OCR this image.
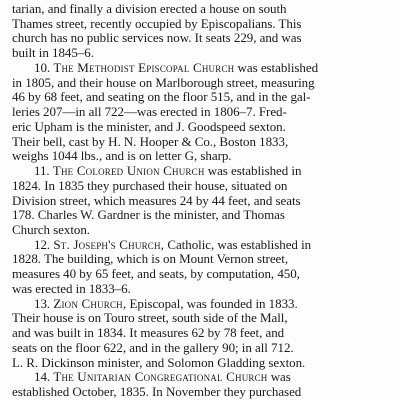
tarian, and finally a division erected a house on south
Thames street, recently occupied by Episcopalians. This
church has no public services now. It seats 229, and was
built in 1845–6.
10. The Methodist Episcopal Church was established
in 1805, and their house on Marlborough street, measuring
46 by 68 feet, and seating on the floor 515, and in the gal-
leries 207—in all 722—was erected in 1806–7. Fred-
eric Upham is the minister, and J. Goodspeed sexton.
Their bell, cast by H. N. Hooper & Co., Boston 1833,
weighs 1044 lbs., and is on letter G, sharp.
11. The Colored Union Church was established in
1824. In 1835 they purchased their house, situated on
Division street, which measures 24 by 44 feet, and seats
178. Charles W. Gardner is the minister, and Thomas
Church sexton.
12. St. Joseph's Church, Catholic, was established in
1828. The building, which is on Mount Vernon street,
measures 40 by 65 feet, and seats, by computation, 450,
was erected in 1833–6.
13. Zion Church, Episcopal, was founded in 1833.
Their house is on Touro street, south side of the Mall,
and was built in 1834. It measures 62 by 78 feet, and
seats on the floor 622, and in the gallery 90; in all 712.
L. R. Dickinson minister, and Solomon Gladding sexton.
14. The Unitarian Congregational Church was
established October, 1835. In November they purchased
